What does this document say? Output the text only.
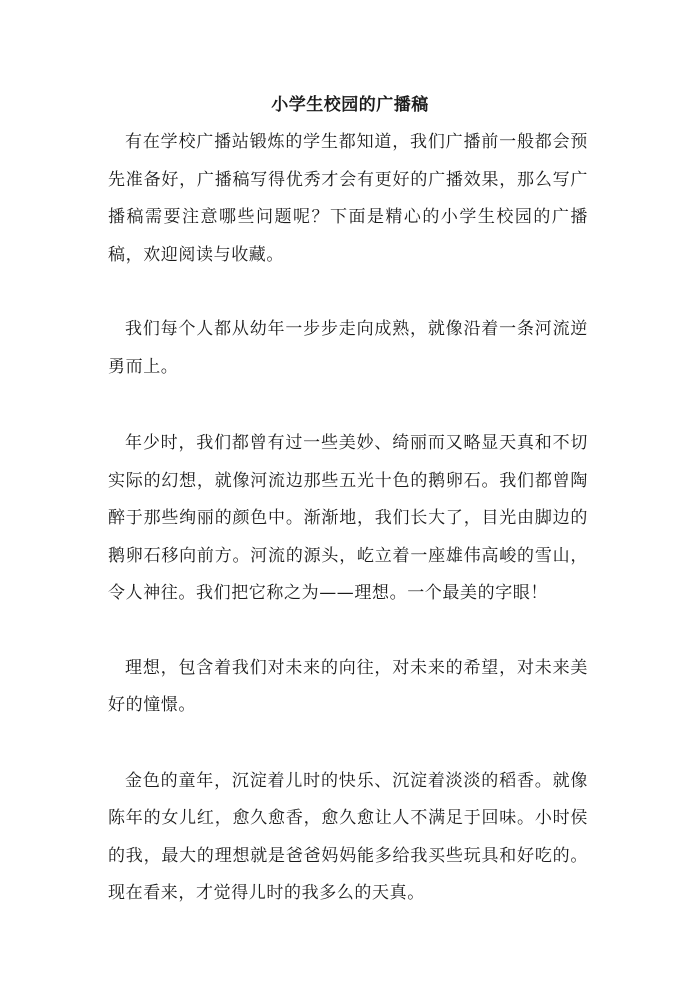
小学生校园的广播稿

有在学校广播站锻炼的学生都知道，我们广播前一般都会预先准备好，广播稿写得优秀才会有更好的广播效果，那么写广播稿需要注意哪些问题呢？下面是精心的小学生校园的广播稿，欢迎阅读与收藏。

我们每个人都从幼年一步步走向成熟，就像沿着一条河流逆勇而上。

年少时，我们都曾有过一些美妙、绮丽而又略显天真和不切实际的幻想，就像河流边那些五光十色的鹅卵石。我们都曾陶醉于那些绚丽的颜色中。渐渐地，我们长大了，目光由脚边的鹅卵石移向前方。河流的源头，屹立着一座雄伟高峻的雪山，令人神往。我们把它称之为——理想。一个最美的字眼！

理想，包含着我们对未来的向往，对未来的希望，对未来美好的憧憬。

金色的童年，沉淀着儿时的快乐、沉淀着淡淡的稻香。就像陈年的女儿红，愈久愈香，愈久愈让人不满足于回味。小时侯的我，最大的理想就是爸爸妈妈能多给我买些玩具和好吃的。现在看来，才觉得儿时的我多么的天真。
